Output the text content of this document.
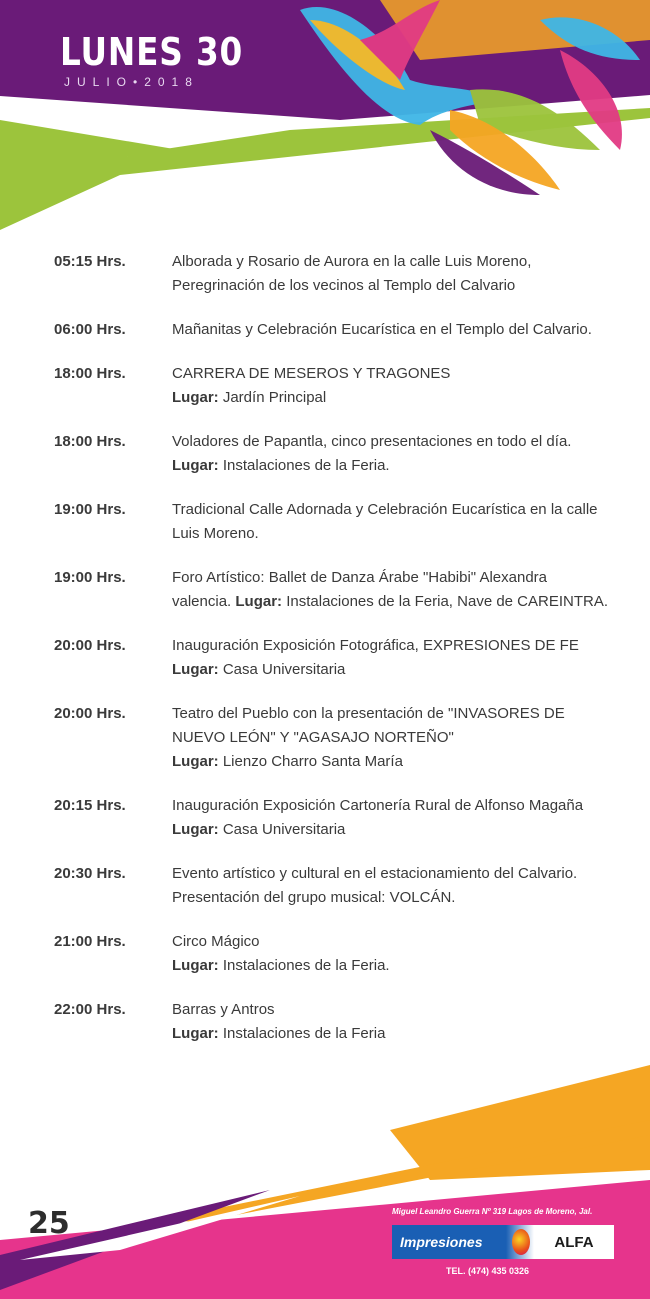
LUNES 30
JULIO•2018
05:15 Hrs.	Alborada y Rosario de Aurora en la calle Luis Moreno,
Peregrinación de los vecinos al Templo del Calvario
06:00 Hrs.	Mañanitas y Celebración Eucarística en el Templo del Calvario.
18:00 Hrs.	CARRERA DE MESEROS Y TRAGONES
Lugar: Jardín Principal
18:00 Hrs.	Voladores de Papantla, cinco presentaciones en todo el día.
Lugar: Instalaciones de la Feria.
19:00 Hrs.	Tradicional Calle Adornada y Celebración Eucarística en la calle
Luis Moreno.
19:00 Hrs.	Foro Artístico: Ballet de Danza Árabe "Habibi" Alexandra
valencia. Lugar: Instalaciones de la Feria, Nave de CAREINTRA.
20:00 Hrs.	Inauguración Exposición Fotográfica, EXPRESIONES DE FE
Lugar: Casa Universitaria
20:00 Hrs.	Teatro del Pueblo con la presentación de "INVASORES DE
NUEVO LEÓN" Y "AGASAJO NORTEÑO"
Lugar: Lienzo Charro Santa María
20:15 Hrs.	Inauguración Exposición Cartonería Rural de Alfonso Magaña
Lugar: Casa Universitaria
20:30 Hrs.	Evento artístico y cultural en el estacionamiento del Calvario.
Presentación del grupo musical: VOLCÁN.
21:00 Hrs.	Circo Mágico
Lugar: Instalaciones de la Feria.
22:00 Hrs.	Barras y Antros
Lugar: Instalaciones de la Feria
25	Miguel Leandro Guerra Nº 319 Lagos de Moreno, Jal.
Impresiones	ALFA
TEL. (474) 435 0326
